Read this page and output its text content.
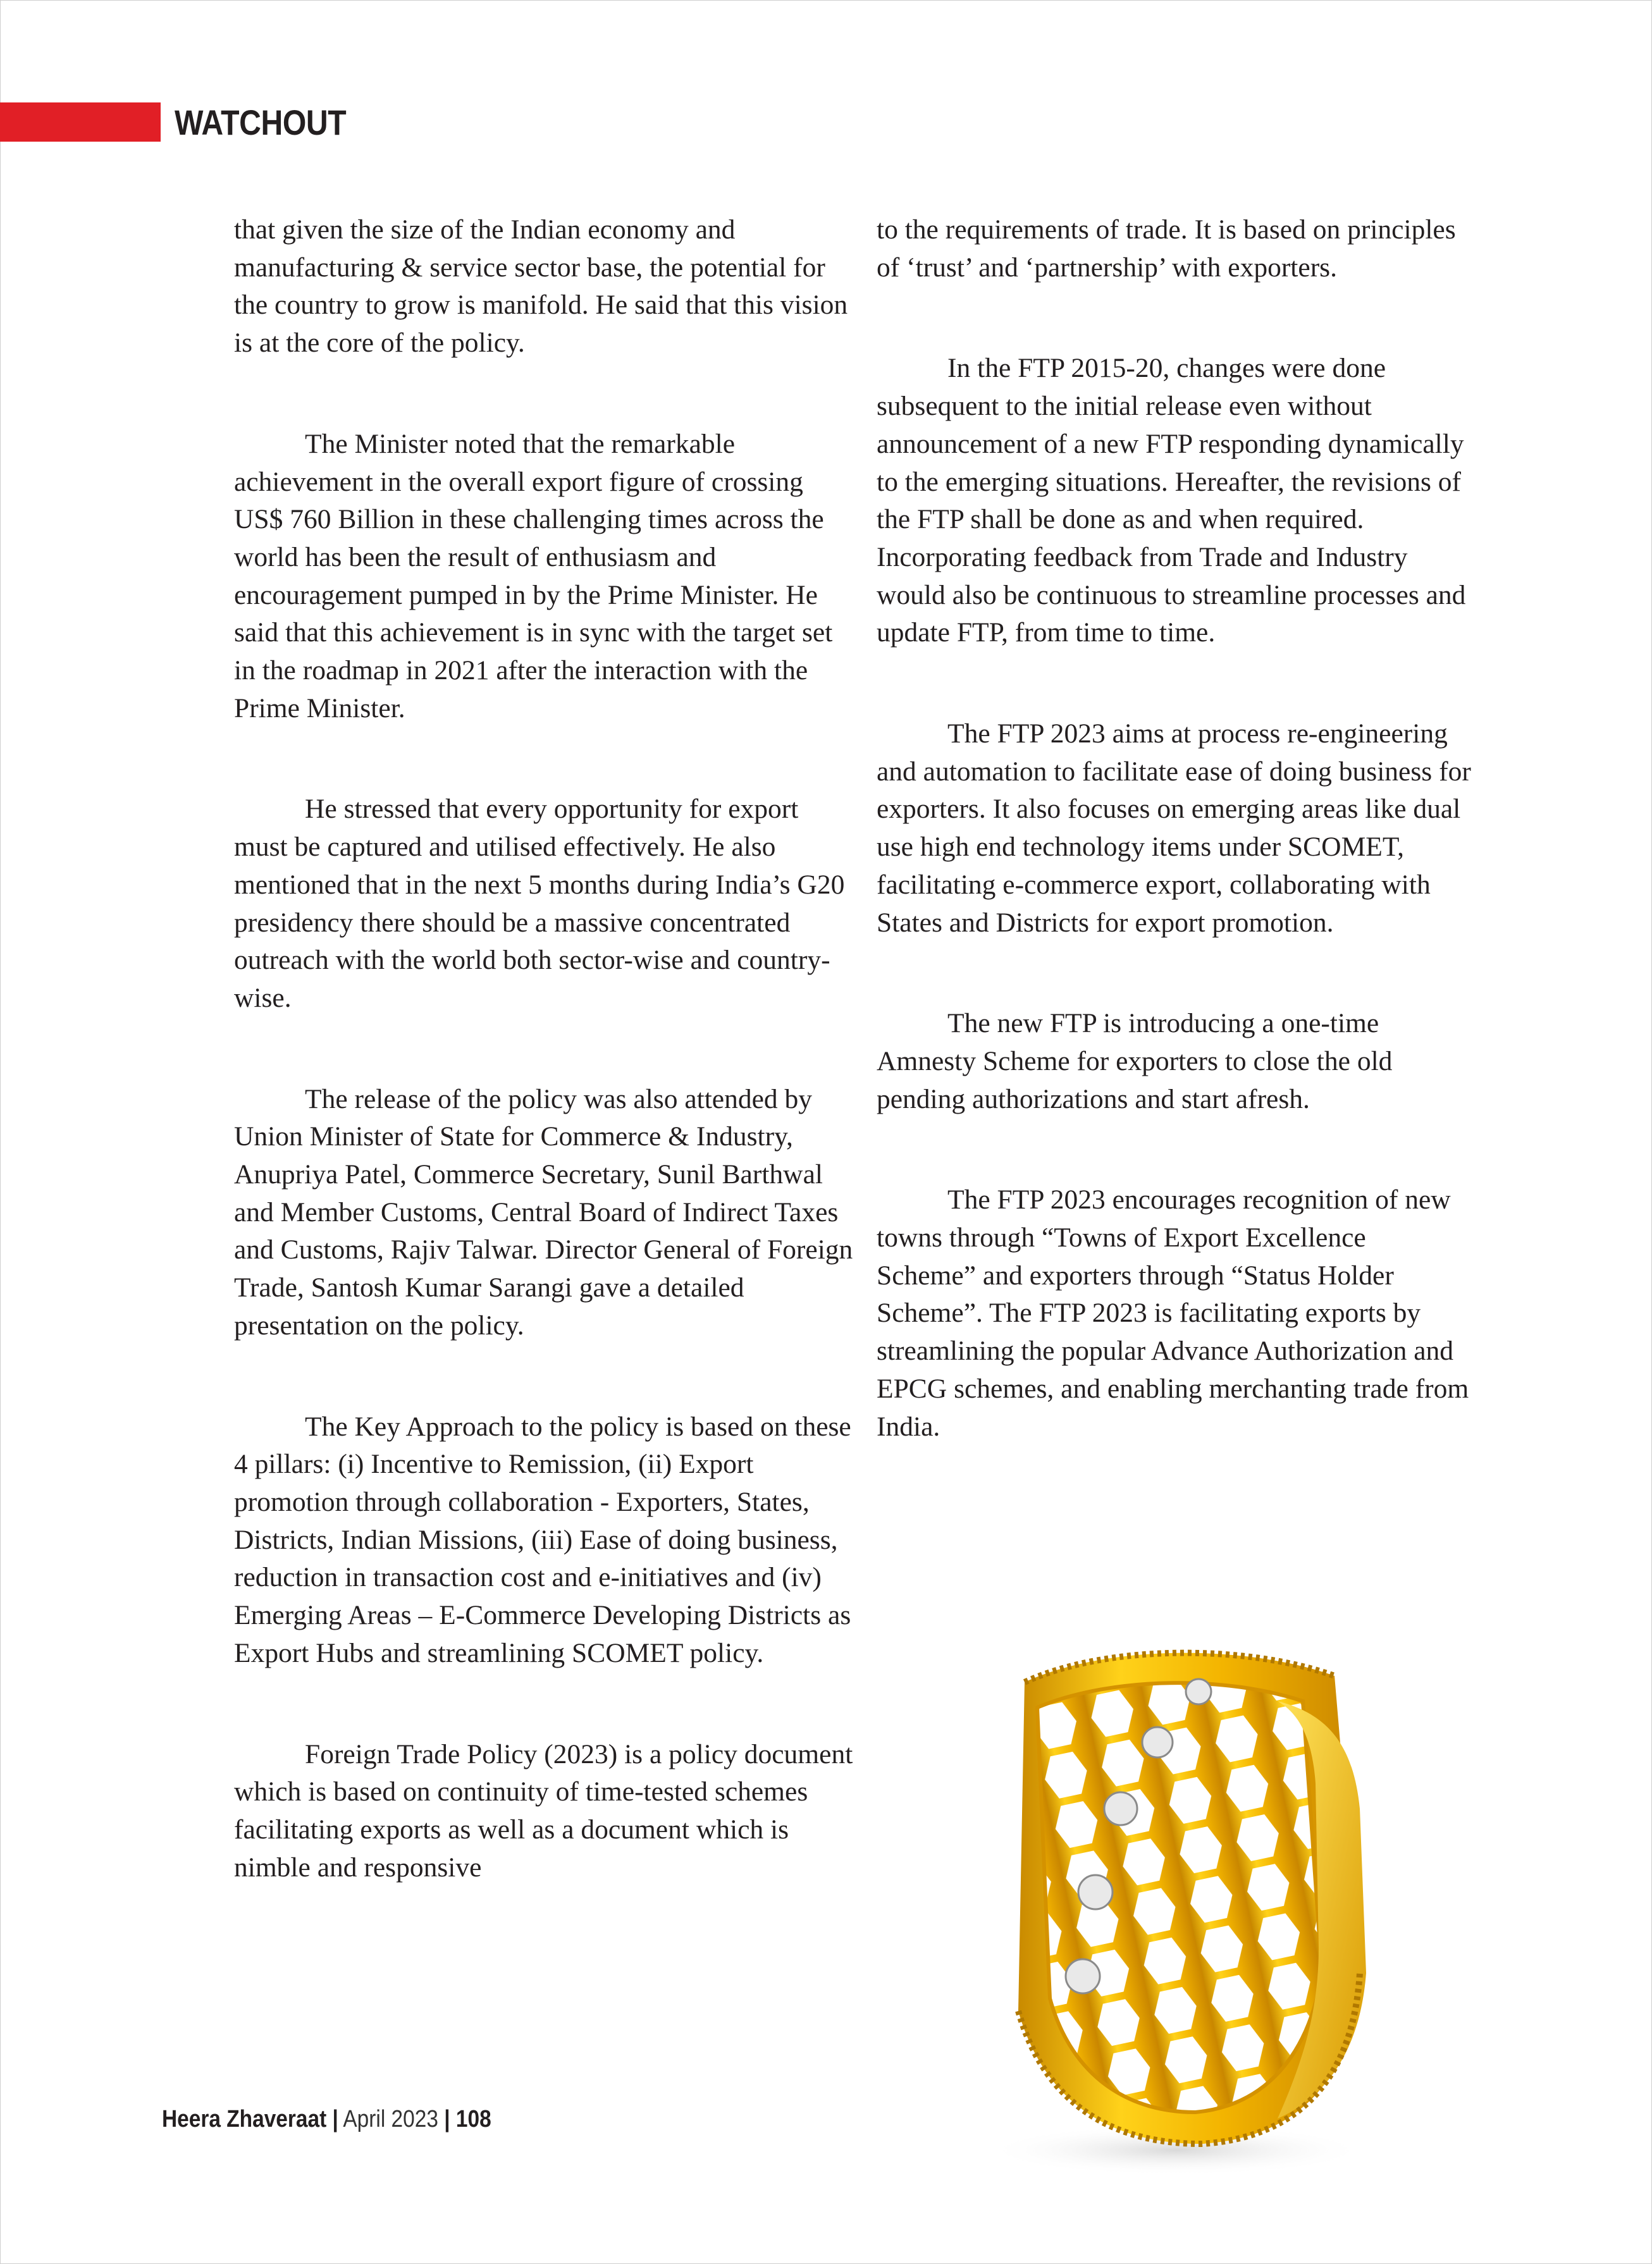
WATCHOUT

that given the size of the Indian economy and manufacturing & service sector base, the potential for the country to grow is manifold. He said that this vision is at the core of the policy.

The Minister noted that the remarkable achievement in the overall export figure of crossing US$ 760 Billion in these challenging times across the world has been the result of enthusiasm and encouragement pumped in by the Prime Minister. He said that this achievement is in sync with the target set in the roadmap in 2021 after the interaction with the Prime Minister.

He stressed that every opportunity for export must be captured and utilised effectively. He also mentioned that in the next 5 months during India’s G20 presidency there should be a massive concentrated outreach with the world both sector-wise and country-wise.

The release of the policy was also attended by Union Minister of State for Commerce & Industry, Anupriya Patel, Commerce Secretary, Sunil Barthwal and Member Customs, Central Board of Indirect Taxes and Customs, Rajiv Talwar. Director General of Foreign Trade, Santosh Kumar Sarangi gave a detailed presentation on the policy.

The Key Approach to the policy is based on these 4 pillars: (i) Incentive to Remission, (ii) Export promotion through collaboration - Exporters, States, Districts, Indian Missions, (iii) Ease of doing business, reduction in transaction cost and e-initiatives and (iv) Emerging Areas – E-Commerce Developing Districts as Export Hubs and streamlining SCOMET policy.

Foreign Trade Policy (2023) is a policy document which is based on continuity of time-tested schemes facilitating exports as well as a document which is nimble and responsive

to the requirements of trade. It is based on principles of ‘trust’ and ‘partnership’ with exporters.

In the FTP 2015-20, changes were done subsequent to the initial release even without announcement of a new FTP responding dynamically to the emerging situations. Hereafter, the revisions of the FTP shall be done as and when required. Incorporating feedback from Trade and Industry would also be continuous to streamline processes and update FTP, from time to time.

The FTP 2023 aims at process re-engineering and automation to facilitate ease of doing business for exporters. It also focuses on emerging areas like dual use high end technology items under SCOMET, facilitating e-commerce export, collaborating with States and Districts for export promotion.

The new FTP is introducing a one-time Amnesty Scheme for exporters to close the old pending authorizations and start afresh.

The FTP 2023 encourages recognition of new towns through “Towns of Export Excellence Scheme” and exporters through “Status Holder Scheme”. The FTP 2023 is facilitating exports by streamlining the popular Advance Authorization and EPCG schemes, and enabling merchanting trade from India.

Heera Zhaveraat | April 2023 | 108
